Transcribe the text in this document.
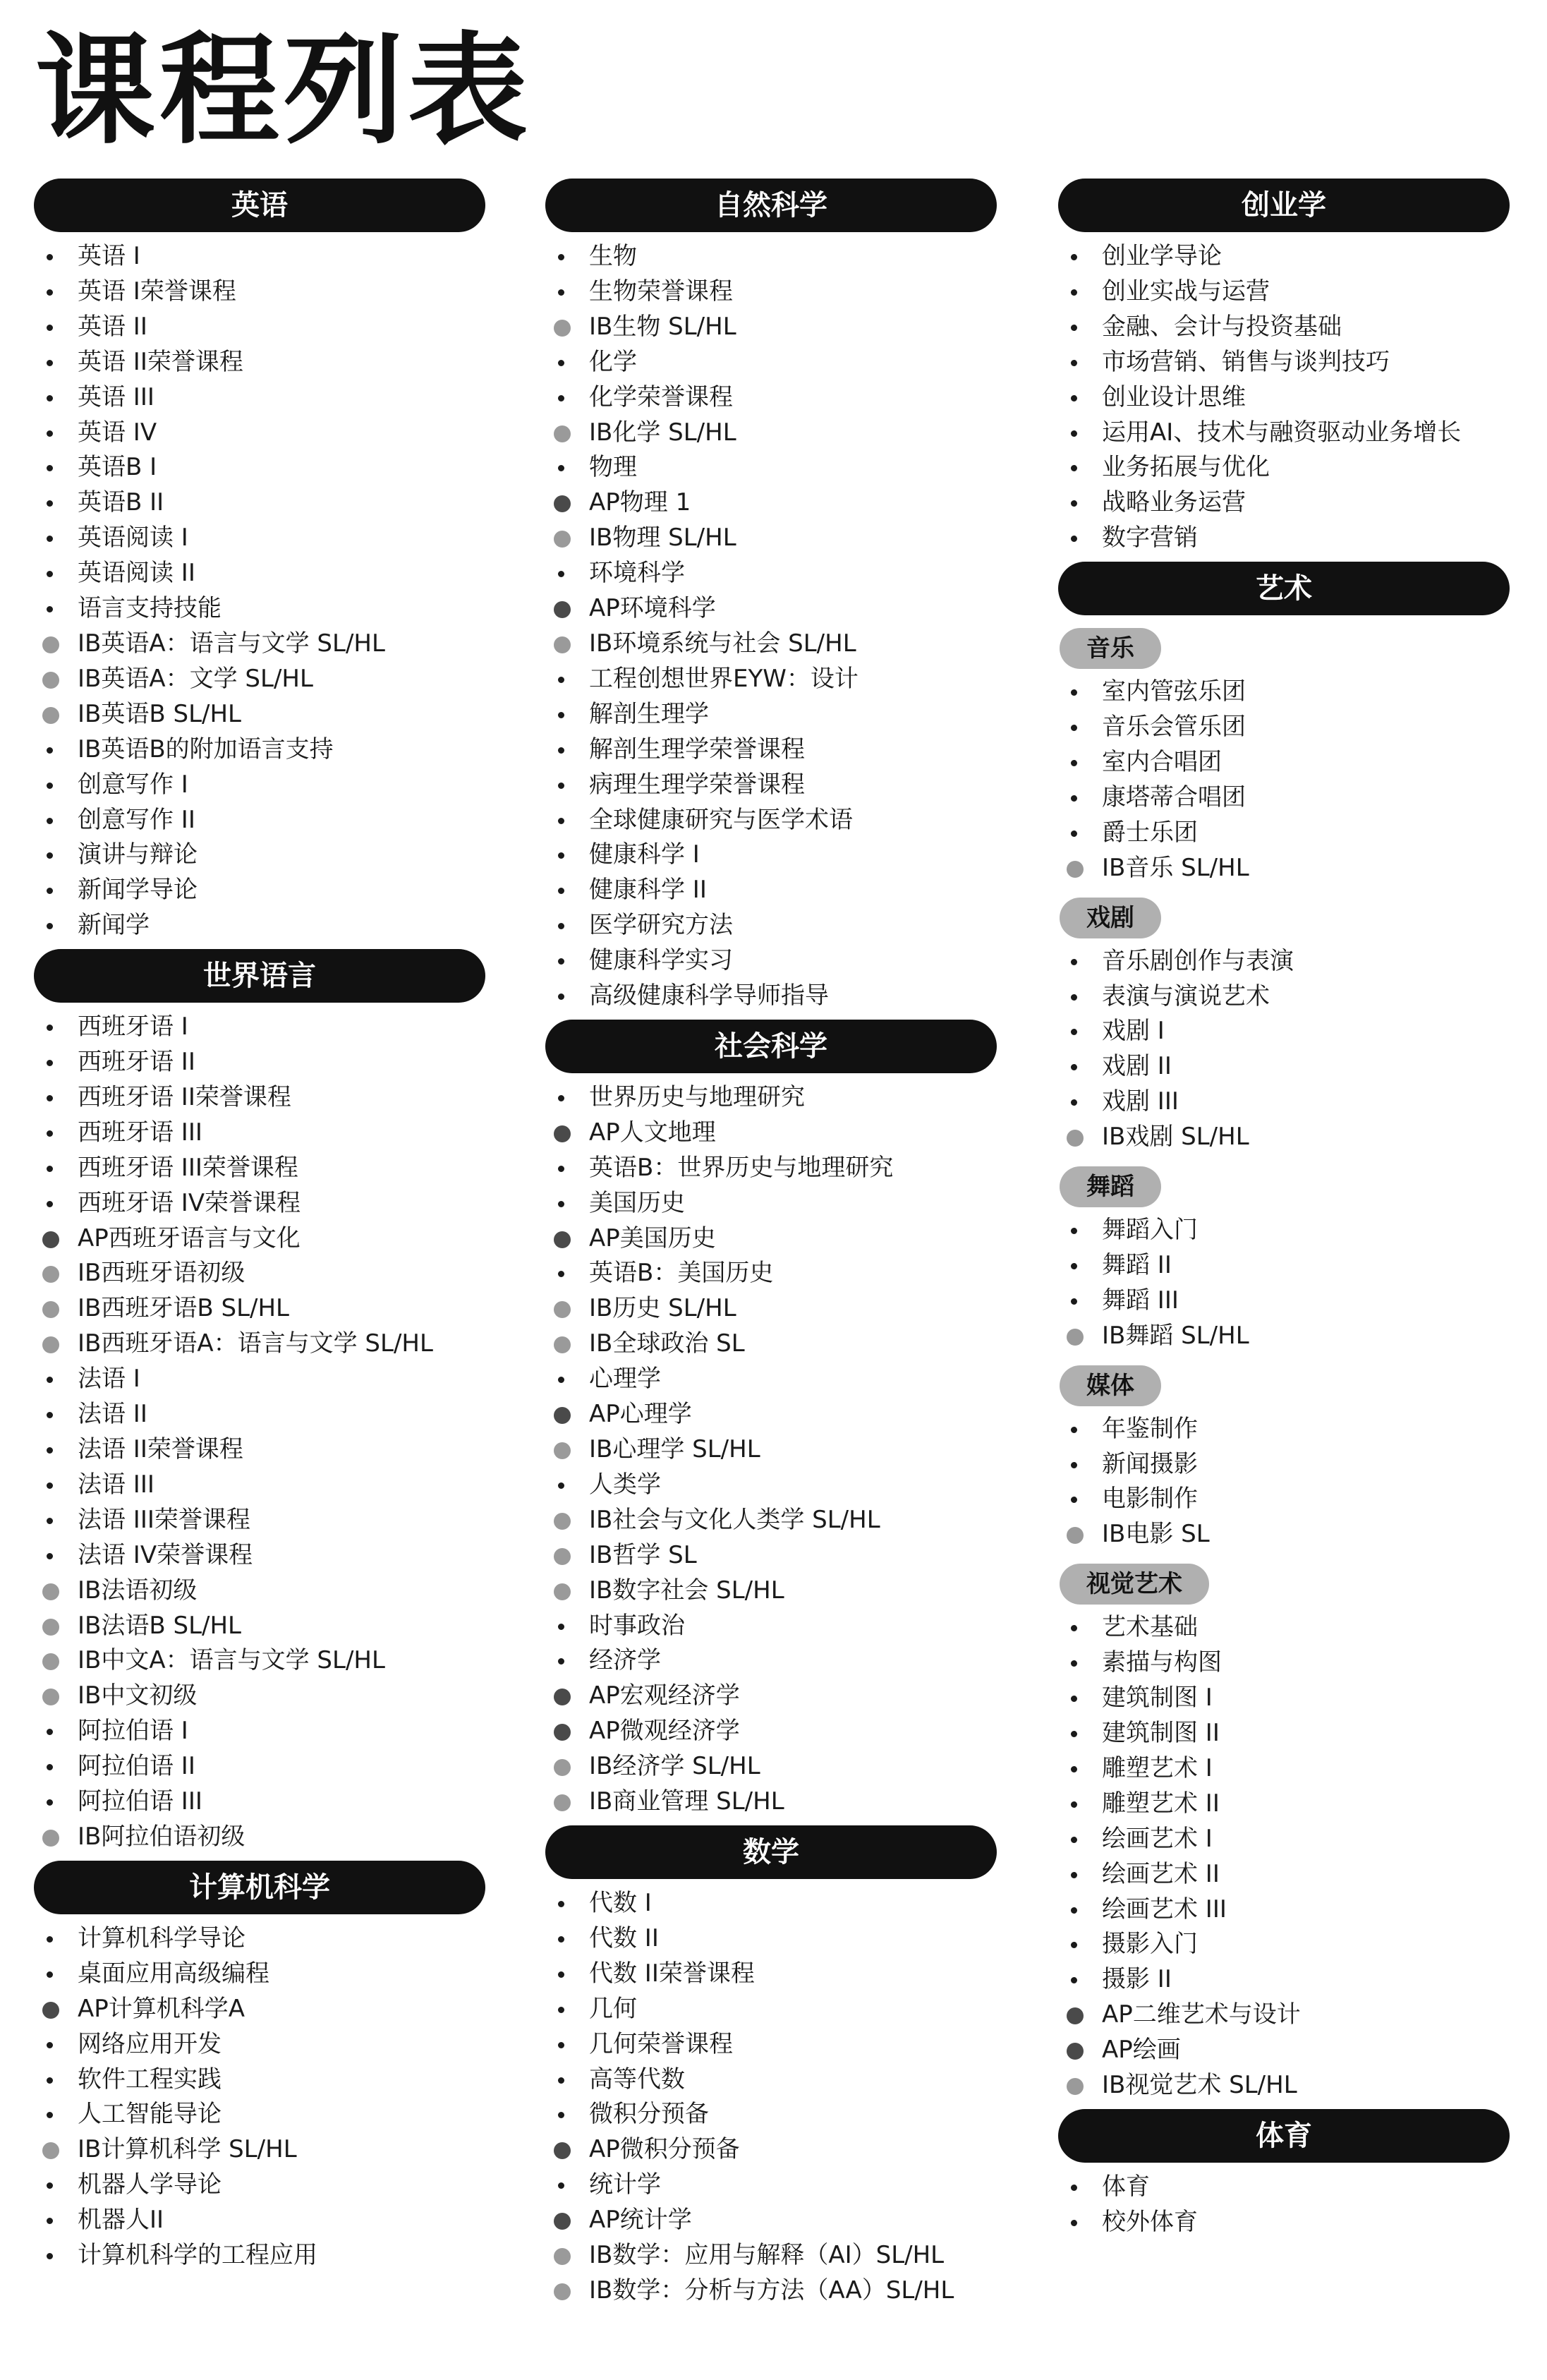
课程列表
英语
英语 I
英语 I荣誉课程
英语 II
英语 II荣誉课程
英语 III
英语 IV
英语B I
英语B II
英语阅读 I
英语阅读 II
语言支持技能
IB英语A：语言与文学 SL/HL
IB英语A：文学 SL/HL
IB英语B SL/HL
IB英语B的附加语言支持
创意写作 I
创意写作 II
演讲与辩论
新闻学导论
新闻学
世界语言
西班牙语 I
西班牙语 II
西班牙语 II荣誉课程
西班牙语 III
西班牙语 III荣誉课程
西班牙语 IV荣誉课程
AP西班牙语言与文化
IB西班牙语初级
IB西班牙语B SL/HL
IB西班牙语A：语言与文学 SL/HL
法语 I
法语 II
法语 II荣誉课程
法语 III
法语 III荣誉课程
法语 IV荣誉课程
IB法语初级
IB法语B SL/HL
IB中文A：语言与文学 SL/HL
IB中文初级
阿拉伯语 I
阿拉伯语 II
阿拉伯语 III
IB阿拉伯语初级
计算机科学
计算机科学导论
桌面应用高级编程
AP计算机科学A
网络应用开发
软件工程实践
人工智能导论
IB计算机科学 SL/HL
机器人学导论
机器人II
计算机科学的工程应用
自然科学
生物
生物荣誉课程
IB生物 SL/HL
化学
化学荣誉课程
IB化学 SL/HL
物理
AP物理 1
IB物理 SL/HL
环境科学
AP环境科学
IB环境系统与社会 SL/HL
工程创想世界EYW：设计
解剖生理学
解剖生理学荣誉课程
病理生理学荣誉课程
全球健康研究与医学术语
健康科学 I
健康科学 II
医学研究方法
健康科学实习
高级健康科学导师指导
社会科学
世界历史与地理研究
AP人文地理
英语B：世界历史与地理研究
美国历史
AP美国历史
英语B：美国历史
IB历史 SL/HL
IB全球政治 SL
心理学
AP心理学
IB心理学 SL/HL
人类学
IB社会与文化人类学 SL/HL
IB哲学 SL
IB数字社会 SL/HL
时事政治
经济学
AP宏观经济学
AP微观经济学
IB经济学 SL/HL
IB商业管理 SL/HL
数学
代数 I
代数 II
代数 II荣誉课程
几何
几何荣誉课程
高等代数
微积分预备
AP微积分预备
统计学
AP统计学
IB数学：应用与解释（AI）SL/HL
IB数学：分析与方法（AA）SL/HL
创业学
创业学导论
创业实战与运营
金融、会计与投资基础
市场营销、销售与谈判技巧
创业设计思维
运用AI、技术与融资驱动业务增长
业务拓展与优化
战略业务运营
数字营销
艺术
音乐
室内管弦乐团
音乐会管乐团
室内合唱团
康塔蒂合唱团
爵士乐团
IB音乐 SL/HL
戏剧
音乐剧创作与表演
表演与演说艺术
戏剧 I
戏剧 II
戏剧 III
IB戏剧 SL/HL
舞蹈
舞蹈入门
舞蹈 II
舞蹈 III
IB舞蹈 SL/HL
媒体
年鉴制作
新闻摄影
电影制作
IB电影 SL
视觉艺术
艺术基础
素描与构图
建筑制图 I
建筑制图 II
雕塑艺术 I
雕塑艺术 II
绘画艺术 I
绘画艺术 II
绘画艺术 III
摄影入门
摄影 II
AP二维艺术与设计
AP绘画
IB视觉艺术 SL/HL
体育
体育
校外体育
